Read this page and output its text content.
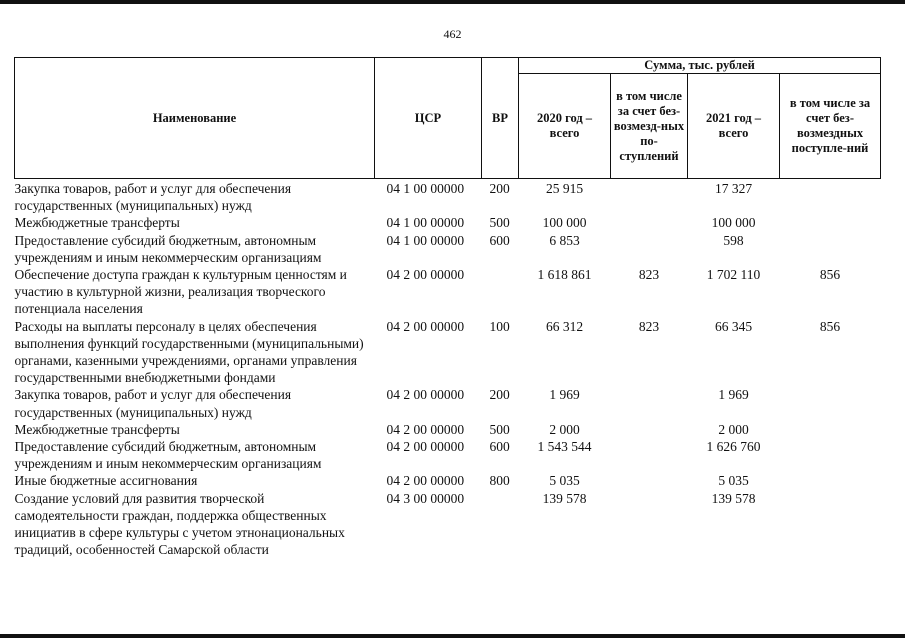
462
Наименование	ЦСР	ВР	Сумма, тыс. рублей			
			2020 год – всего	в том числе за счет без-возмезд-ных по-ступлений	2021 год – всего	в том числе за счет без-возмездных поступле-ний
Закупка товаров, работ и услуг для обеспечения государственных (муниципальных) нужд	04 1 00 00000	200	25 915		17 327	
Межбюджетные трансферты	04 1 00 00000	500	100 000		100 000	
Предоставление субсидий бюджетным, автономным учреждениям и иным некоммерческим организациям	04 1 00 00000	600	6 853		598	
Обеспечение доступа граждан к культурным ценностям и участию в культурной жизни, реализация творческого потенциала населения	04 2 00 00000		1 618 861	823	1 702 110	856
Расходы на выплаты персоналу в целях обеспечения выполнения функций государственными (муниципальными) органами, казенными учреждениями, органами управления государственными внебюджетными фондами	04 2 00 00000	100	66 312	823	66 345	856
Закупка товаров, работ и услуг для обеспечения государственных (муниципальных) нужд	04 2 00 00000	200	1 969		1 969	
Межбюджетные трансферты	04 2 00 00000	500	2 000		2 000	
Предоставление субсидий бюджетным, автономным учреждениям и иным некоммерческим организациям	04 2 00 00000	600	1 543 544		1 626 760	
Иные бюджетные ассигнования	04 2 00 00000	800	5 035		5 035	
Создание условий для развития творческой самодеятельности граждан, поддержка общественных инициатив в сфере культуры с учетом этнонациональных традиций, особенностей Самарской области	04 3 00 00000		139 578		139 578	
